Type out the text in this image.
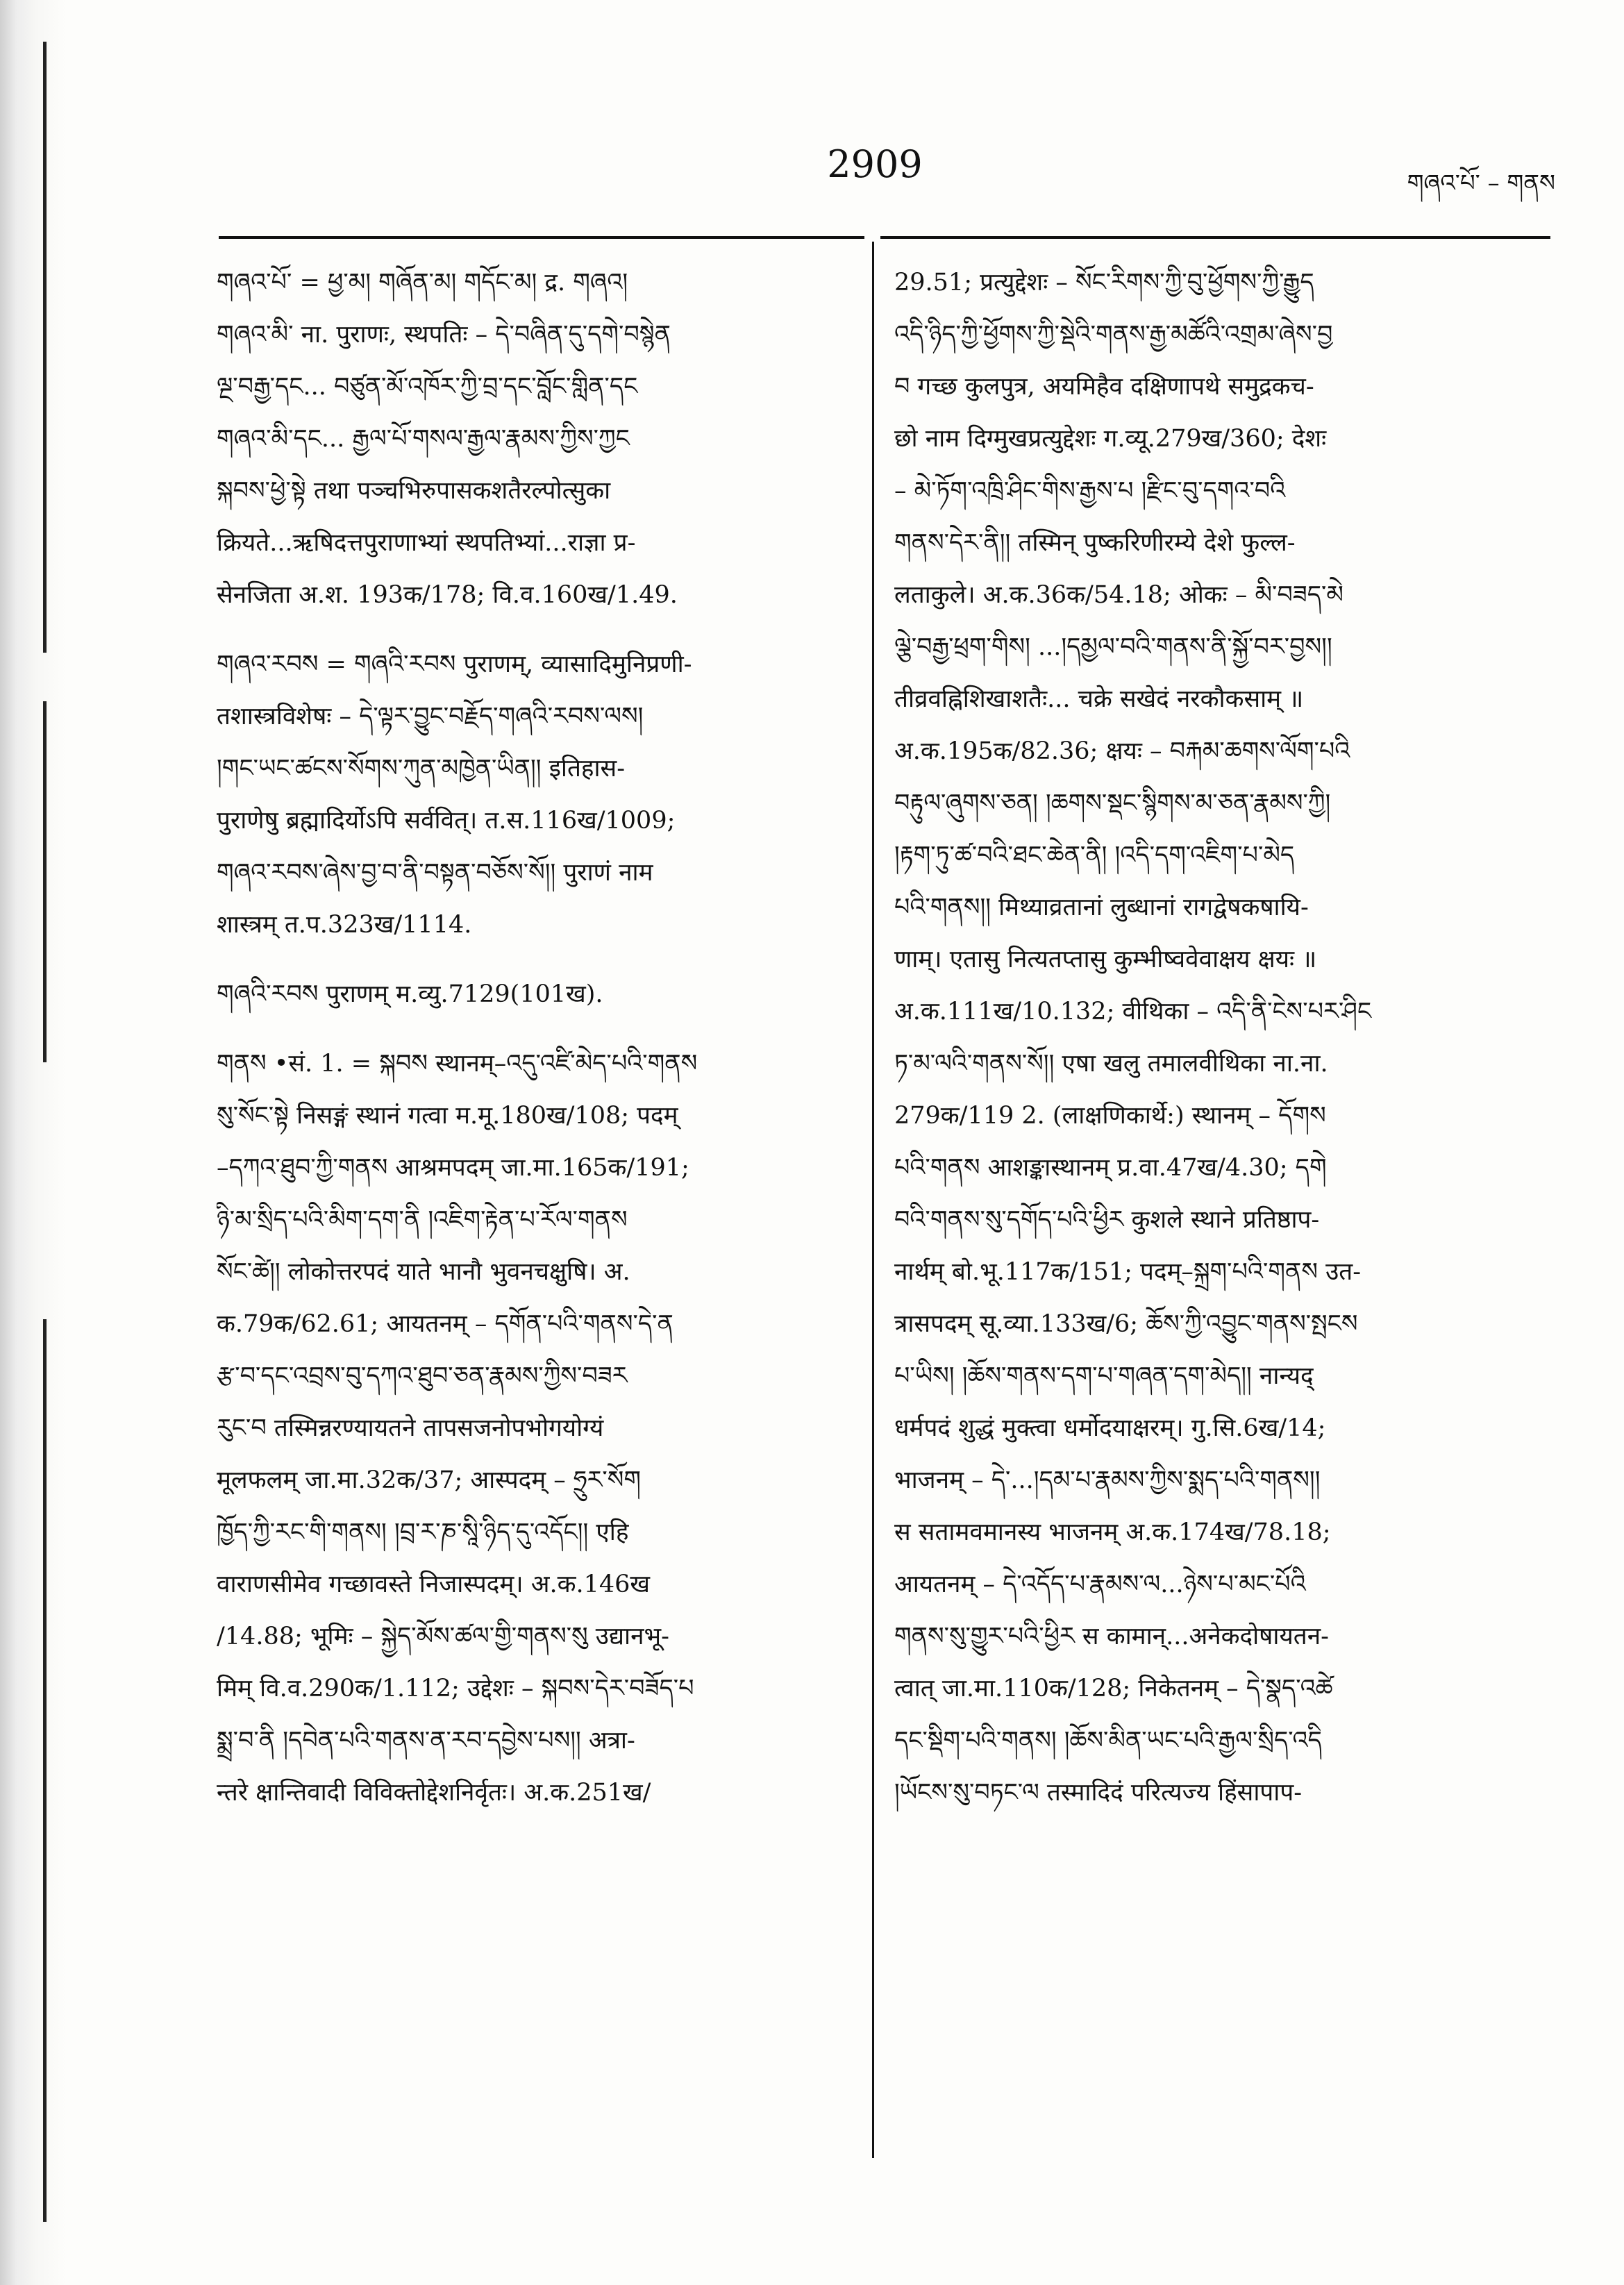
2909	གཞའ་པོ་ – གནས
གཞའ་པོ་ = ཕྱ་མ། གཞོན་མ། གདོང་མ། द्र. གཞའ།
གཞའ་མི་ ना. पुराणः, स्थपतिः – དེ་བཞིན་དུ་དགེ་བསྙེན
ལྔ་བརྒྱ་དང... བཙུན་མོ་འཁོར་ཀྱི་བྲ་དང་བློང་གླིན་དང
གཞའ་མི་དང... རྒྱལ་པོ་གསལ་རྒྱལ་རྣམས་ཀྱིས་ཀྱང
སྐབས་ཕྱེ་སྟེ तथा पञ्चभिरुपासकशतैरल्पोत्सुका
क्रियते...ऋषिदत्तपुराणाभ्यां स्थपतिभ्यां...राज्ञा प्र-
सेनजिता अ.श. 193क/178; वि.व.160ख/1.49.
གཞའ་རབས = གཞའི་རབས पुराणम्, व्यासादिमुनिप्रणी-
तशास्त्रविशेषः – དེ་ལྟར་བྱུང་བརྗོད་གཞའི་རབས་ལས།
།གང་ཡང་ཚངས་སོགས་ཀུན་མཁྱེན་ཡིན།། इतिहास-
पुराणेषु ब्रह्मादिर्योऽपि सर्ववित्। त.स.116ख/1009;
གཞའ་རབས་ཞེས་བྱ་བ་ནི་བསྟན་བཅོས་སོ།། पुराणं नाम
शास्त्रम् त.प.323ख/1114.
གཞའི་རབས पुराणम् म.व्यु.7129(101ख).
གནས •सं. 1. = སྐབས स्थानम्–འདུ་འཛི་མེད་པའི་གནས
སུ་སོང་སྟེ निसङ्गं स्थानं गत्वा म.मू.180ख/108; पदम्
–དཀའ་ཐུབ་ཀྱི་གནས आश्रमपदम् जा.मा.165क/191;
ཉི་མ་སྲིད་པའི་མིག་དག་ནི །འཇིག་རྟེན་པ་རོལ་གནས
སོང་ཚེ།། लोकोत्तरपदं याते भानौ भुवनचक्षुषि। अ.
क.79क/62.61; आयतनम् – དགོན་པའི་གནས་དེ་ན
རྩ་བ་དང་འབྲས་བུ་དཀའ་ཐུབ་ཅན་རྣམས་ཀྱིས་བཟར
རུང་བ तस्मिन्नरण्यायतने तापसजनोपभोगयोग्यं
मूलफलम् जा.मा.32क/37; आस्पदम् – ཧྲུར་སོག
ཁྱོད་ཀྱི་རང་གི་གནས། །བྲ་ར་ཎ་སཱི་ཉིད་དུ་འདོང།། एहि
वाराणसीमेव गच्छावस्ते निजास्पदम्। अ.क.146ख
/14.88; भूमिः – སྐྱེད་མོས་ཚལ་གྱི་གནས་སུ उद्यानभू-
मिम् वि.व.290क/1.112; उद्देशः – སྐབས་དེར་བཟོད་པ
སྨྲ་བ་ནི །དབེན་པའི་གནས་ན་རབ་དབྱེས་པས།། अत्रा-
न्तरे क्षान्तिवादी विविक्तोद्देशनिर्वृतः। अ.क.251ख/
29.51; प्रत्युद्देशः – སོང་རིགས་ཀྱི་བུ་ཕྱོགས་ཀྱི་རྒྱུད
འདི་ཉིད་ཀྱི་ཕྱོགས་ཀྱི་སྡེའི་གནས་རྒྱ་མཚོའི་འགྲམ་ཞེས་བྱ
བ गच्छ कुलपुत्र, अयमिहैव दक्षिणापथे समुद्रकच-
छो नाम दिग्मुखप्रत्युद्देशः ग.व्यू.279ख/360; देशः
– མེ་ཏོག་འཁྲི་ཤིང་གིས་རྒྱས་པ །རྫིང་བུ་དགའ་བའི
གནས་དེར་ནི།། तस्मिन् पुष्करिणीरम्ये देशे फुल्ल-
लताकुले। अ.क.36क/54.18; ओकः – མི་བཟད་མེ
ལྕེ་བརྒྱ་ཕྲག་གིས། ...།དམྱལ་བའི་གནས་ནི་སྐྱོ་བར་བྱས།།
तीव्रवह्निशिखाशतैः... चक्रे सखेदं नरकौकसाम् ॥
अ.क.195क/82.36; क्षयः – བརྐམ་ཆགས་ལོག་པའི
བརྟུལ་ཞུགས་ཅན། །ཆགས་སྡང་སྙིགས་མ་ཅན་རྣམས་ཀྱི།
།རྟག་ཏུ་ཚ་བའི་ཐང་ཆེན་ནི། །འདི་དག་འཇིག་པ་མེད
པའི་གནས།། मिथ्याव्रतानां लुब्धानां रागद्वेषकषायि-
णाम्। एतासु नित्यतप्तासु कुम्भीष्ववेवाक्षय क्षयः ॥
अ.क.111ख/10.132; वीथिका – འདི་ནི་ངེས་པར་ཤིང
ཏ་མ་ལའི་གནས་སོ།། एषा खलु तमालवीथिका ना.ना.
279क/119 2. (लाक्षणिकार्थे:) स्थानम् – དོགས
པའི་གནས आशङ्कास्थानम् प्र.वा.47ख/4.30; དགེ
བའི་གནས་སུ་དགོད་པའི་ཕྱིར कुशले स्थाने प्रतिष्ठाप-
नार्थम् बो.भू.117क/151; पदम्–སྐྲག་པའི་གནས उत-
त्रासपदम् सू.व्या.133ख/6; ཆོས་ཀྱི་འབྱུང་གནས་སྤངས
པ་ཡིས། །ཆོས་གནས་དག་པ་གཞན་དག་མེད།། नान्यद्
धर्मपदं शुद्धं मुक्त्वा धर्मोदयाक्षरम्। गु.सि.6ख/14;
भाजनम् – དེ་...།དམ་པ་རྣམས་ཀྱིས་སྨད་པའི་གནས།།
स सतामवमानस्य भाजनम् अ.क.174ख/78.18;
आयतनम् – དེ་འདོད་པ་རྣམས་ལ...ཉེས་པ་མང་པོའི
གནས་སུ་གྱུར་པའི་ཕྱིར स कामान्...अनेकदोषायतन-
त्वात् जा.मा.110क/128; निकेतनम् – དེ་སྣད་འཚེ
དང་སྡིག་པའི་གནས། །ཆོས་མིན་ཡང་པའི་རྒྱལ་སྲིད་འདི
།ཡོངས་སུ་བཏང་ལ तस्मादिदं परित्यज्य हिंसापाप-
